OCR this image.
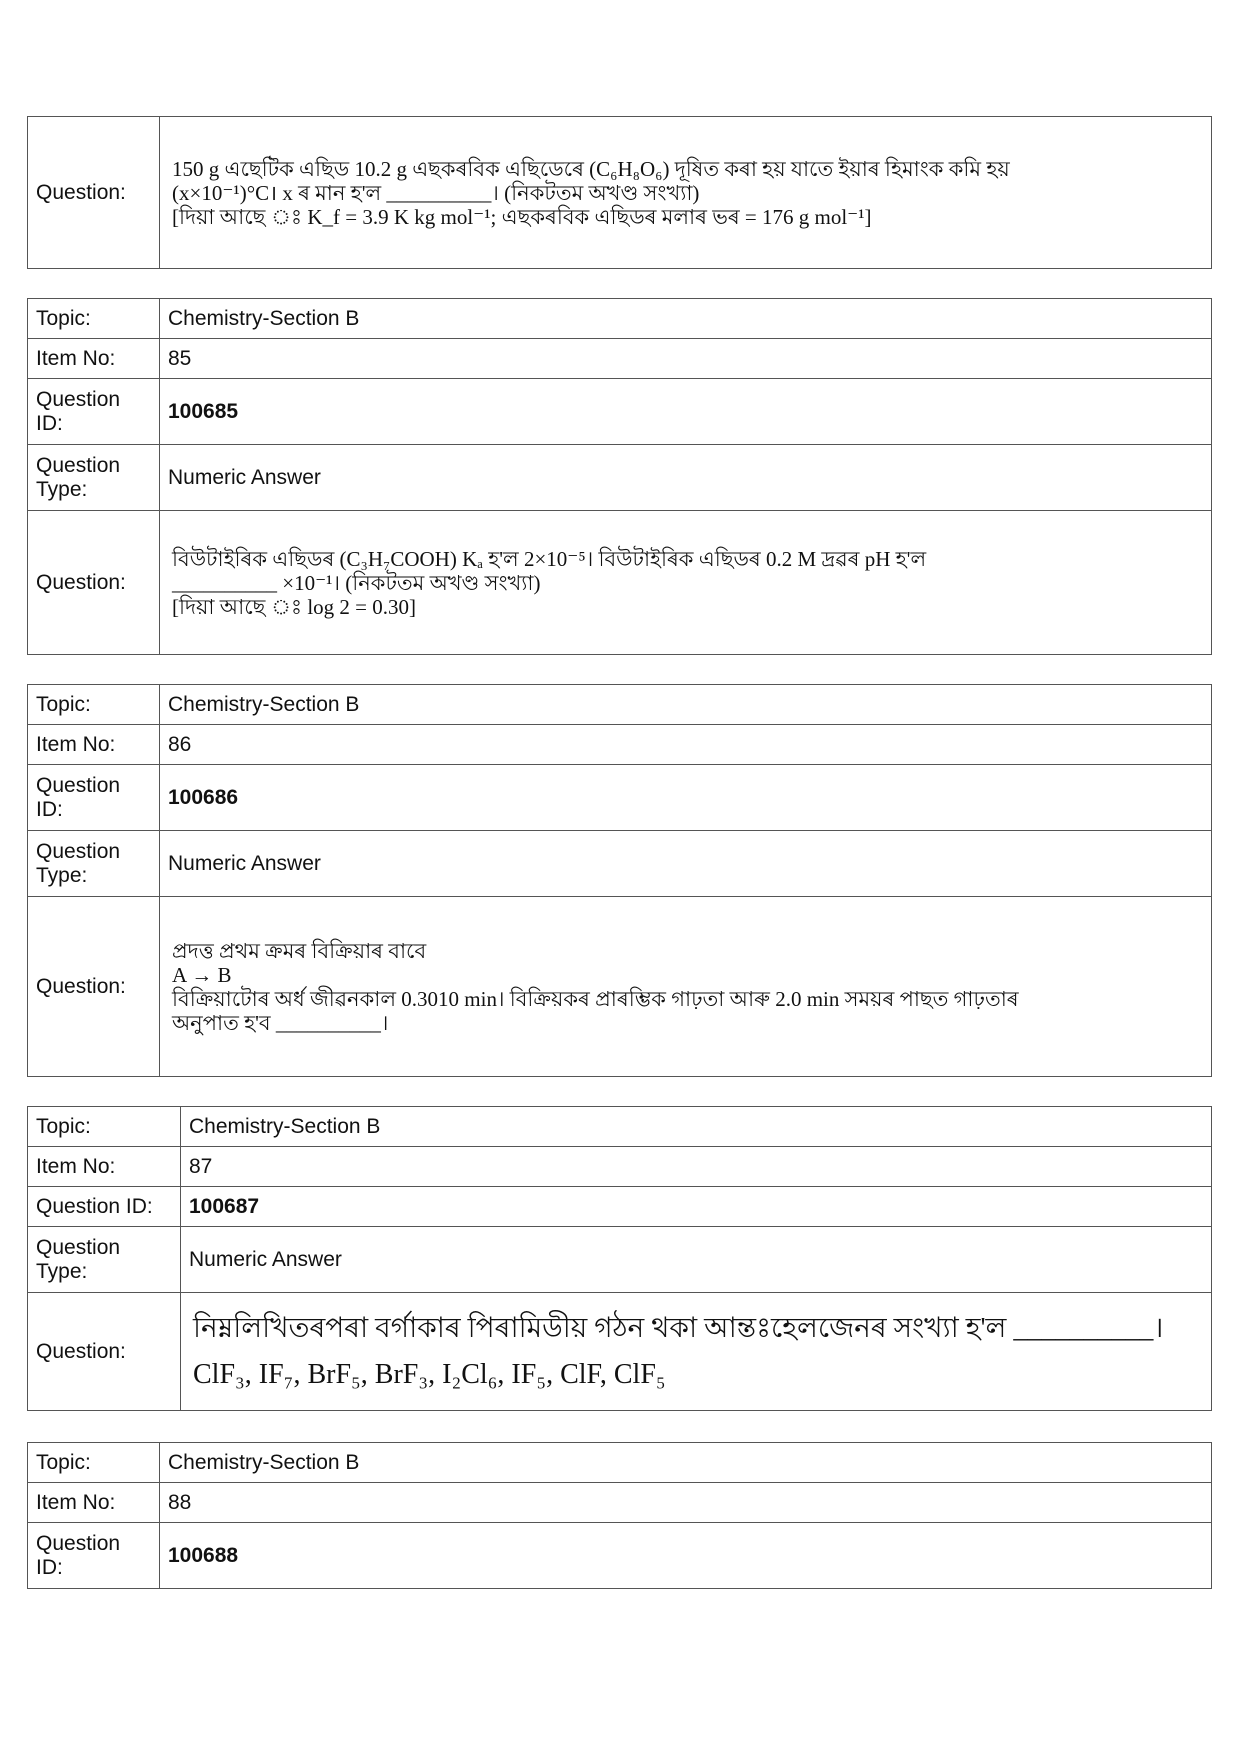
Question:	
150 g এছেটিক এছিড 10.2 g এছকৰবিক এছিডেৰে (C₆H₈O₆) দূষিত কৰা হয় যাতে ইয়াৰ হিমাংক কমি হয়
(x×10⁻¹)°C। x ৰ মান হ'ল __________। (নিকটতম অখণ্ড সংখ্যা)
[দিয়া আছে ঃ K_f = 3.9 K kg mol⁻¹; এছকৰবিক এছিডৰ মলাৰ ভৰ = 176 g mol⁻¹]
Topic:	Chemistry-Section B
Item No:	85
Question ID:	100685
Question Type:	Numeric Answer
Question:	বিউটাইৰিক এছিডৰ (C₃H₇COOH) Kₐ হ'ল 2×10⁻⁵। বিউটাইৰিক এছিডৰ 0.2 M দ্ৰৱৰ pH হ'ল
__________ ×10⁻¹। (নিকটতম অখণ্ড সংখ্যা)
[দিয়া আছে ঃ log 2 = 0.30]
Topic:	Chemistry-Section B
Item No:	86
Question ID:	100686
Question Type:	Numeric Answer
Question:	প্ৰদত্ত প্ৰথম ক্ৰমৰ বিক্ৰিয়াৰ বাবে
A → B
বিক্ৰিয়াটোৰ অৰ্ধ জীৱনকাল 0.3010 min। বিক্ৰিয়কৰ প্ৰাৰম্ভিক গাঢ়তা আৰু 2.0 min সময়ৰ পাছত গাঢ়তাৰ
অনুপাত হ'ব __________।
Topic:	Chemistry-Section B
Item No:	87
Question ID:	100687
Question Type:	Numeric Answer
Question:	নিম্নলিখিতৰপৰা বৰ্গাকাৰ পিৰামিডীয় গঠন থকা আন্তঃহেলজেনৰ সংখ্যা হ'ল __________।
ClF₃, IF₇, BrF₅, BrF₃, I₂Cl₆, IF₅, ClF, ClF₅
Topic:	Chemistry-Section B
Item No:	88
Question ID:	100688
